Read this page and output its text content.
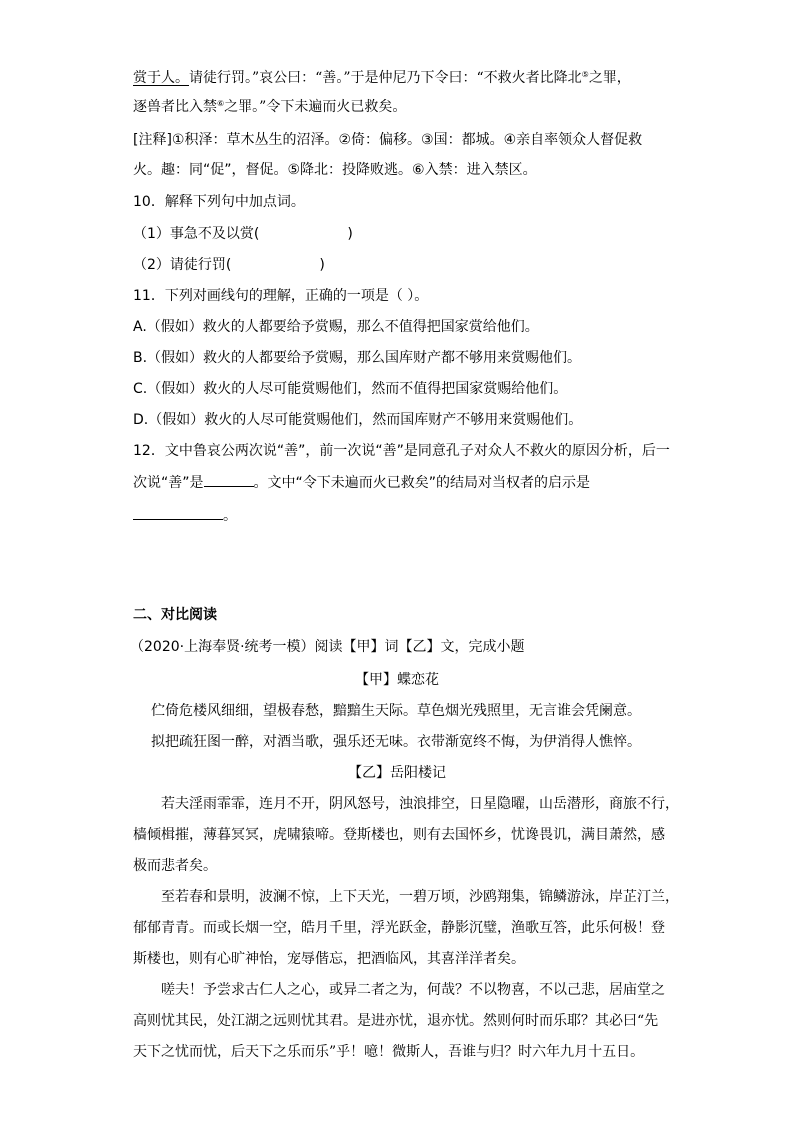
赏于人。请徒行罚。”哀公曰：“善。”于是仲尼乃下令曰：“不救火者比降北⑤之罪，
逐兽者比入禁⑥之罪。”令下未遍而火已救矣。
[注释]①积泽：草木丛生的沼泽。②倚：偏移。③国：都城。④亲自率领众人督促救
火。趣：同“促”，督促。⑤降北：投降败逃。⑥入禁：进入禁区。
10．解释下列句中加点词。
（1）事急不及以赏(	)
（2）请徒行罚(	)
11．下列对画线句的理解，正确的一项是（ ）。
A.（假如）救火的人都要给予赏赐，那么不值得把国家赏给他们。
B.（假如）救火的人都要给予赏赐，那么国库财产都不够用来赏赐他们。
C.（假如）救火的人尽可能赏赐他们，然而不值得把国家赏赐给他们。
D.（假如）救火的人尽可能赏赐他们，然而国库财产不够用来赏赐他们。
12．文中鲁哀公两次说“善”，前一次说“善”是同意孔子对众人不救火的原因分析，后一
次说“善”是	。文中“令下未遍而火已救矣”的结局对当权者的启示是
。
二、对比阅读
（2020·上海奉贤·统考一模）阅读【甲】词【乙】文，完成小题
【甲】蝶恋花
伫倚危楼风细细，望极春愁，黯黯生天际。草色烟光残照里，无言谁会凭阑意。
拟把疏狂图一醉，对酒当歌，强乐还无味。衣带渐宽终不悔，为伊消得人憔悴。
【乙】岳阳楼记
若夫淫雨霏霏，连月不开，阴风怒号，浊浪排空，日星隐曜，山岳潜形，商旅不行，
樯倾楫摧，薄暮冥冥，虎啸猿啼。登斯楼也，则有去国怀乡，忧谗畏讥，满目萧然，感
极而悲者矣。
至若春和景明，波澜不惊，上下天光，一碧万顷，沙鸥翔集，锦鳞游泳，岸芷汀兰，
郁郁青青。而或长烟一空，皓月千里，浮光跃金，静影沉璧，渔歌互答，此乐何极！登
斯楼也，则有心旷神怡，宠辱偕忘，把酒临风，其喜洋洋者矣。
嗟夫！予尝求古仁人之心，或异二者之为，何哉？不以物喜，不以己悲，居庙堂之
高则忧其民，处江湖之远则忧其君。是进亦忧，退亦忧。然则何时而乐耶？其必曰“先
天下之忧而忧，后天下之乐而乐”乎！噫！微斯人，吾谁与归？时六年九月十五日。
